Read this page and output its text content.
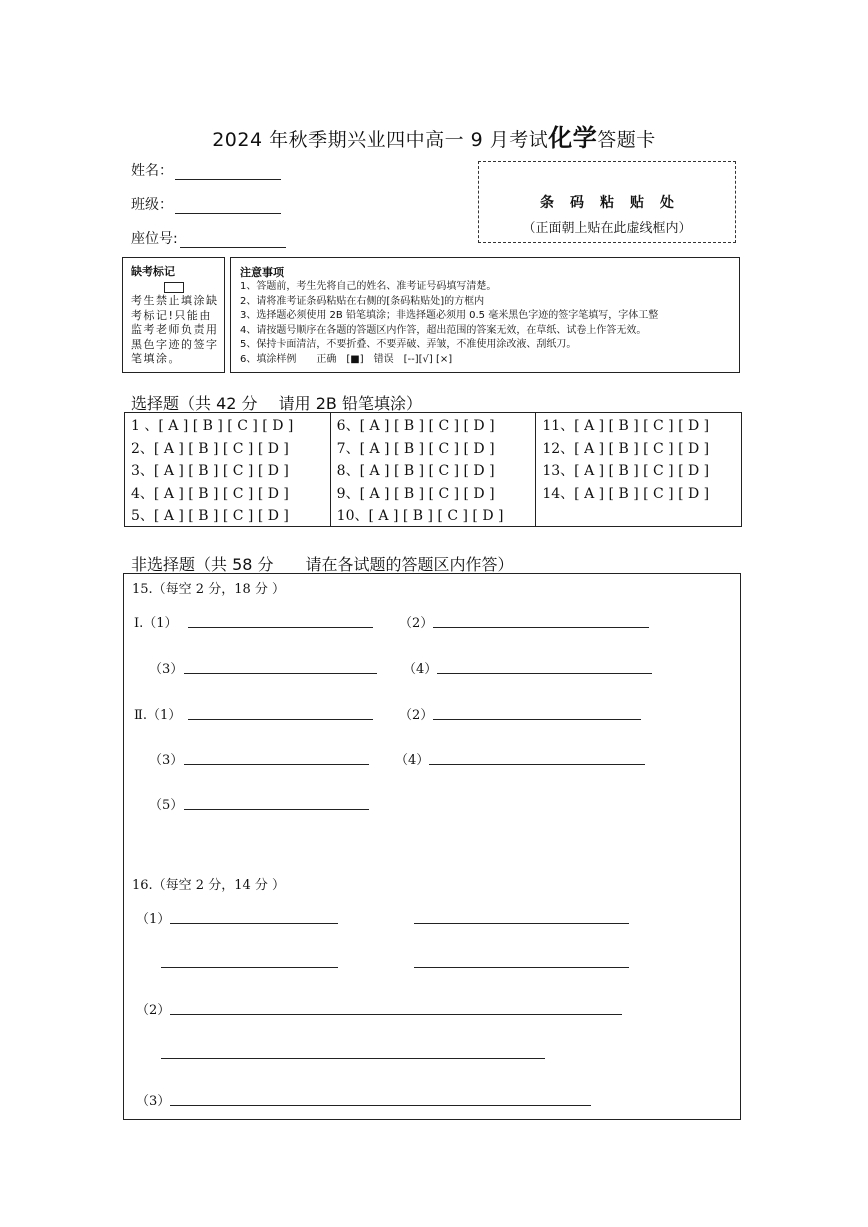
2024 年秋季期兴业四中高一 9 月考试化学答题卡
姓名：
班级：
座位号:
条码粘贴处
（正面朝上贴在此虚线框内）
缺考标记
考生禁止填涂缺考标记!只能由监考老师负责用黑色字迹的签字笔填涂。
注意事项
1、答题前，考生先将自己的姓名、准考证号码填写清楚。
2、请将准考证条码粘贴在右侧的[条码粘贴处]的方框内
3、选择题必须使用 2B 铅笔填涂；非选择题必须用 0.5 毫米黑色字迹的签字笔填写，字体工整
4、请按题号顺序在各题的答题区内作答，超出范围的答案无效，在草纸、试卷上作答无效。
5、保持卡面清洁，不要折叠、不要弄破、弄皱，不准使用涂改液、刮纸刀。
6、填涂样例　　正确　[■]　错误　[--][√] [×]
选择题（共 42 分　 请用 2B 铅笔填涂）
1 、[ A ] [ B ] [ C ] [ D ]
2、[ A ] [ B ] [ C ] [ D ]
3、[ A ] [ B ] [ C ] [ D ]
4、[ A ] [ B ] [ C ] [ D ]
5、[ A ] [ B ] [ C ] [ D ]
6、[ A ] [ B ] [ C ] [ D ]
7、[ A ] [ B ] [ C ] [ D ]
8、[ A ] [ B ] [ C ] [ D ]
9、[ A ] [ B ] [ C ] [ D ]
10、[ A ] [ B ] [ C ] [ D ]
11、[ A ] [ B ] [ C ] [ D ]
12、[ A ] [ B ] [ C ] [ D ]
13、[ A ] [ B ] [ C ] [ D ]
14、[ A ] [ B ] [ C ] [ D ]
非选择题（共 58 分　　请在各试题的答题区内作答）
15.（每空 2 分，18 分 ）
Ⅰ.（1）	（2）
（3）	（4）
Ⅱ.（1）	（2）
（3）	（4）
（5）
16.（每空 2 分，14 分 ）
（1）
（2）
（3）
